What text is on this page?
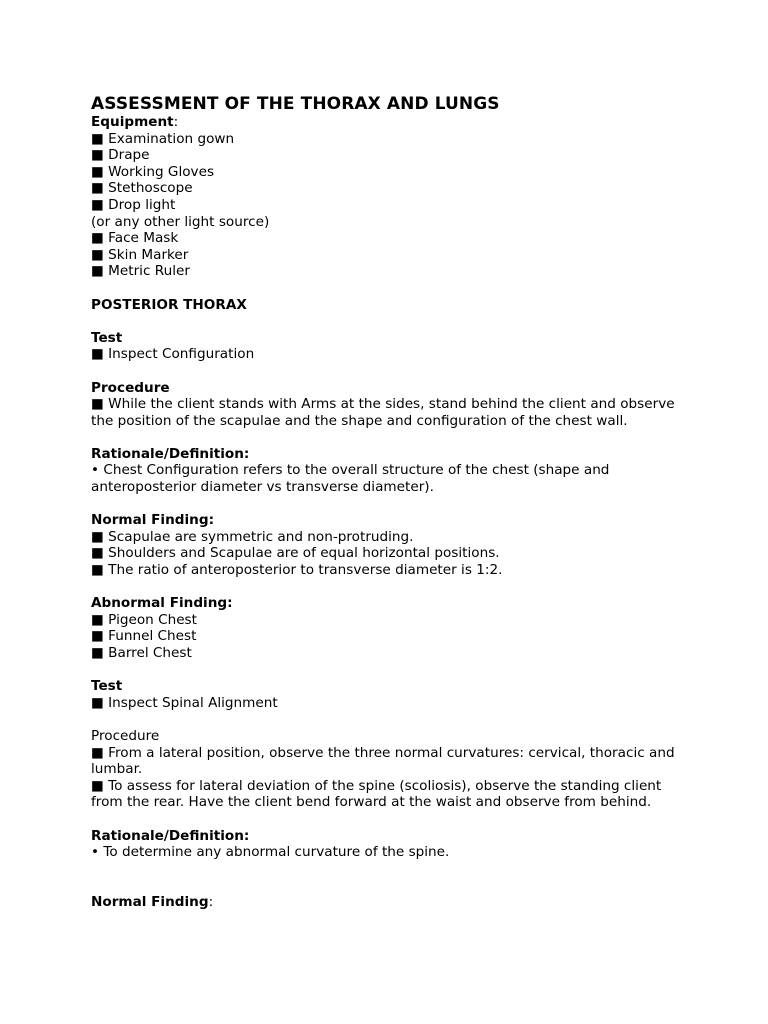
ASSESSMENT OF THE THORAX AND LUNGS

Equipment:

■ Examination gown

■ Drape

■ Working Gloves

■ Stethoscope

■ Drop light

(or any other light source)

■ Face Mask

■ Skin Marker

■ Metric Ruler

POSTERIOR THORAX

Test

■ Inspect Configuration

Procedure

■ While the client stands with Arms at the sides, stand behind the client and observe the position of the scapulae and the shape and configuration of the chest wall.

Rationale/Definition:

• Chest Configuration refers to the overall structure of the chest (shape and anteroposterior diameter vs transverse diameter).

Normal Finding:

■ Scapulae are symmetric and non-protruding.

■ Shoulders and Scapulae are of equal horizontal positions.

■ The ratio of anteroposterior to transverse diameter is 1:2.

Abnormal Finding:

■ Pigeon Chest

■ Funnel Chest

■ Barrel Chest

Test

■ Inspect Spinal Alignment

Procedure

■ From a lateral position, observe the three normal curvatures: cervical, thoracic and lumbar.

■ To assess for lateral deviation of the spine (scoliosis), observe the standing client from the rear. Have the client bend forward at the waist and observe from behind.

Rationale/Definition:

• To determine any abnormal curvature of the spine.

Normal Finding:
